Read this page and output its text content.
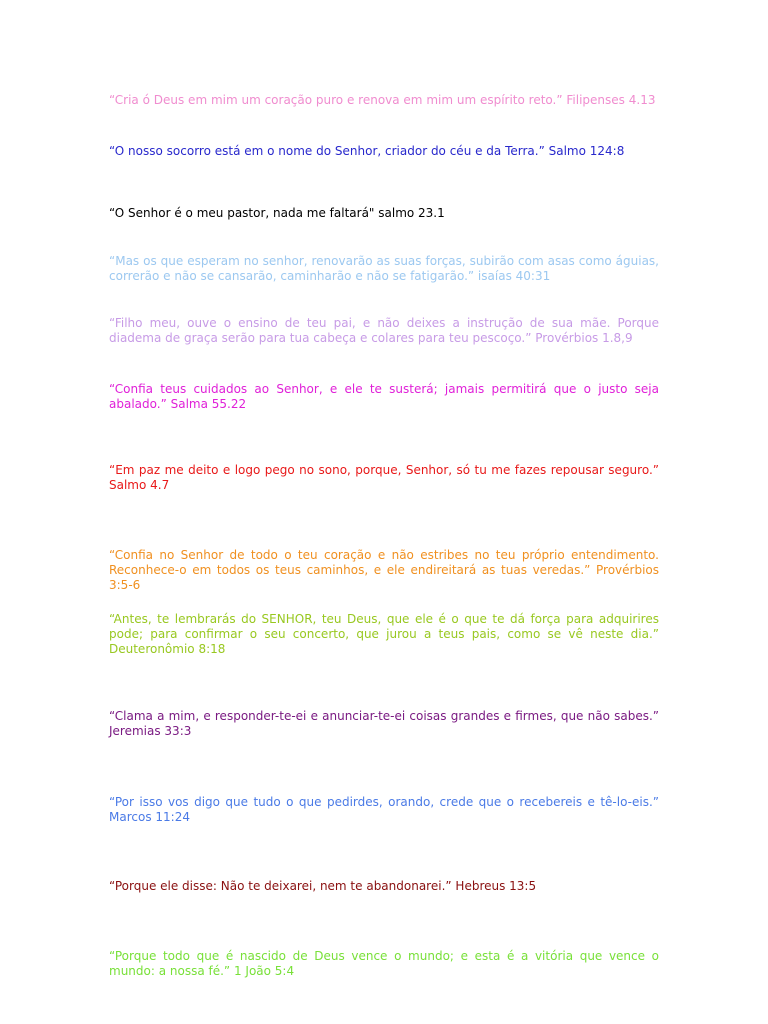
“Cria ó Deus em mim um coração puro e renova em mim um espírito reto.” Filipenses 4.13

“O nosso socorro está em o nome do Senhor, criador do céu e da Terra.” Salmo 124:8

“O Senhor é o meu pastor, nada me faltará" salmo 23.1

“Mas os que esperam no senhor, renovarão as suas forças, subirão com asas como águias, correrão e não se cansarão, caminharão e não se fatigarão.” isaías 40:31

“Filho meu, ouve o ensino de teu pai, e não deixes a instrução de sua mãe. Porque diadema de graça serão para tua cabeça e colares para teu pescoço.” Provérbios 1.8,9

“Confia teus cuidados ao Senhor, e ele te susterá; jamais permitirá que o justo seja abalado.” Salma 55.22

“Em paz me deito e logo pego no sono, porque, Senhor, só tu me fazes repousar seguro.” Salmo 4.7

“Confia no Senhor de todo o teu coração e não estribes no teu próprio entendimento. Reconhece-o em todos os teus caminhos, e ele endireitará as tuas veredas.” Provérbios 3:5-6

“Antes, te lembrarás do SENHOR, teu Deus, que ele é o que te dá força para adquirires pode; para confirmar o seu concerto, que jurou a teus pais, como se vê neste dia.” Deuteronômio 8:18

“Clama a mim, e responder-te-ei e anunciar-te-ei coisas grandes e firmes, que não sabes.” Jeremias 33:3

“Por isso vos digo que tudo o que pedirdes, orando, crede que o recebereis e tê-lo-eis.” Marcos 11:24

“Porque ele disse: Não te deixarei, nem te abandonarei.” Hebreus 13:5

“Porque todo que é nascido de Deus vence o mundo; e esta é a vitória que vence o mundo: a nossa fé.” 1 João 5:4
